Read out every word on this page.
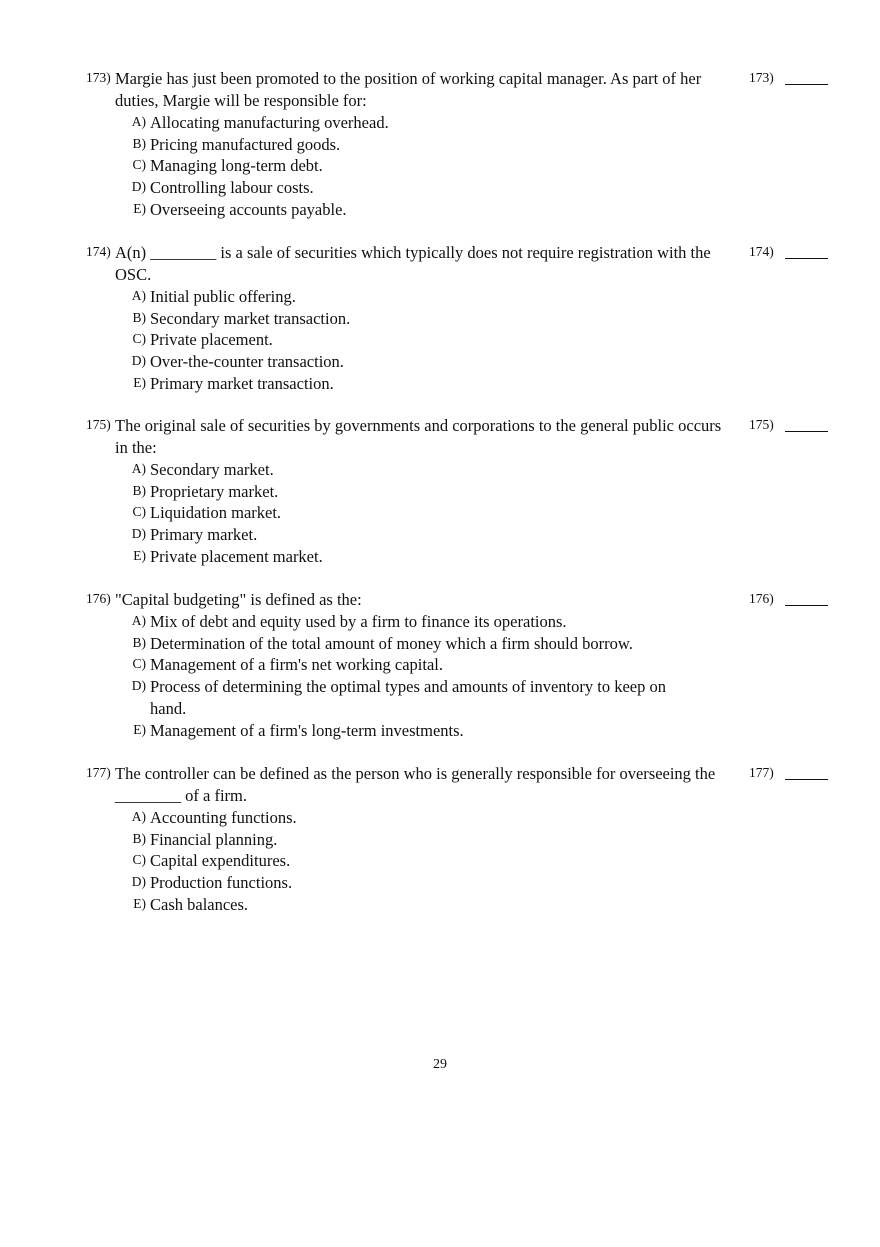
173) Margie has just been promoted to the position of working capital manager. As part of her duties, Margie will be responsible for:
173)
A) Allocating manufacturing overhead.
B) Pricing manufactured goods.
C) Managing long-term debt.
D) Controlling labour costs.
E) Overseeing accounts payable.
174) A(n) ________ is a sale of securities which typically does not require registration with the OSC.
174)
A) Initial public offering.
B) Secondary market transaction.
C) Private placement.
D) Over-the-counter transaction.
E) Primary market transaction.
175) The original sale of securities by governments and corporations to the general public occurs in the:
175)
A) Secondary market.
B) Proprietary market.
C) Liquidation market.
D) Primary market.
E) Private placement market.
176) "Capital budgeting" is defined as the:	176)
A) Mix of debt and equity used by a firm to finance its operations.
B) Determination of the total amount of money which a firm should borrow.
C) Management of a firm's net working capital.
D) Process of determining the optimal types and amounts of inventory to keep on hand.
E) Management of a firm's long-term investments.
177) The controller can be defined as the person who is generally responsible for overseeing the ________ of a firm.
177)
A) Accounting functions.
B) Financial planning.
C) Capital expenditures.
D) Production functions.
E) Cash balances.
29
